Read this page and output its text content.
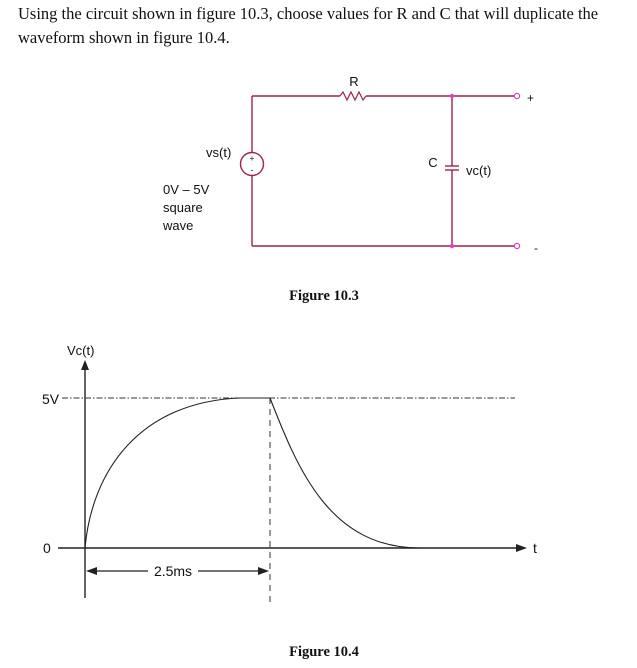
Using the circuit shown in figure 10.3, choose values for R and C that will duplicate the waveform shown in figure 10.4.
+
-
R
C
vc(t)
+
-
vs(t)
0V – 5V
square
wave
Figure 10.3
Vc(t)
t
5V
0
2.5ms
Figure 10.4
